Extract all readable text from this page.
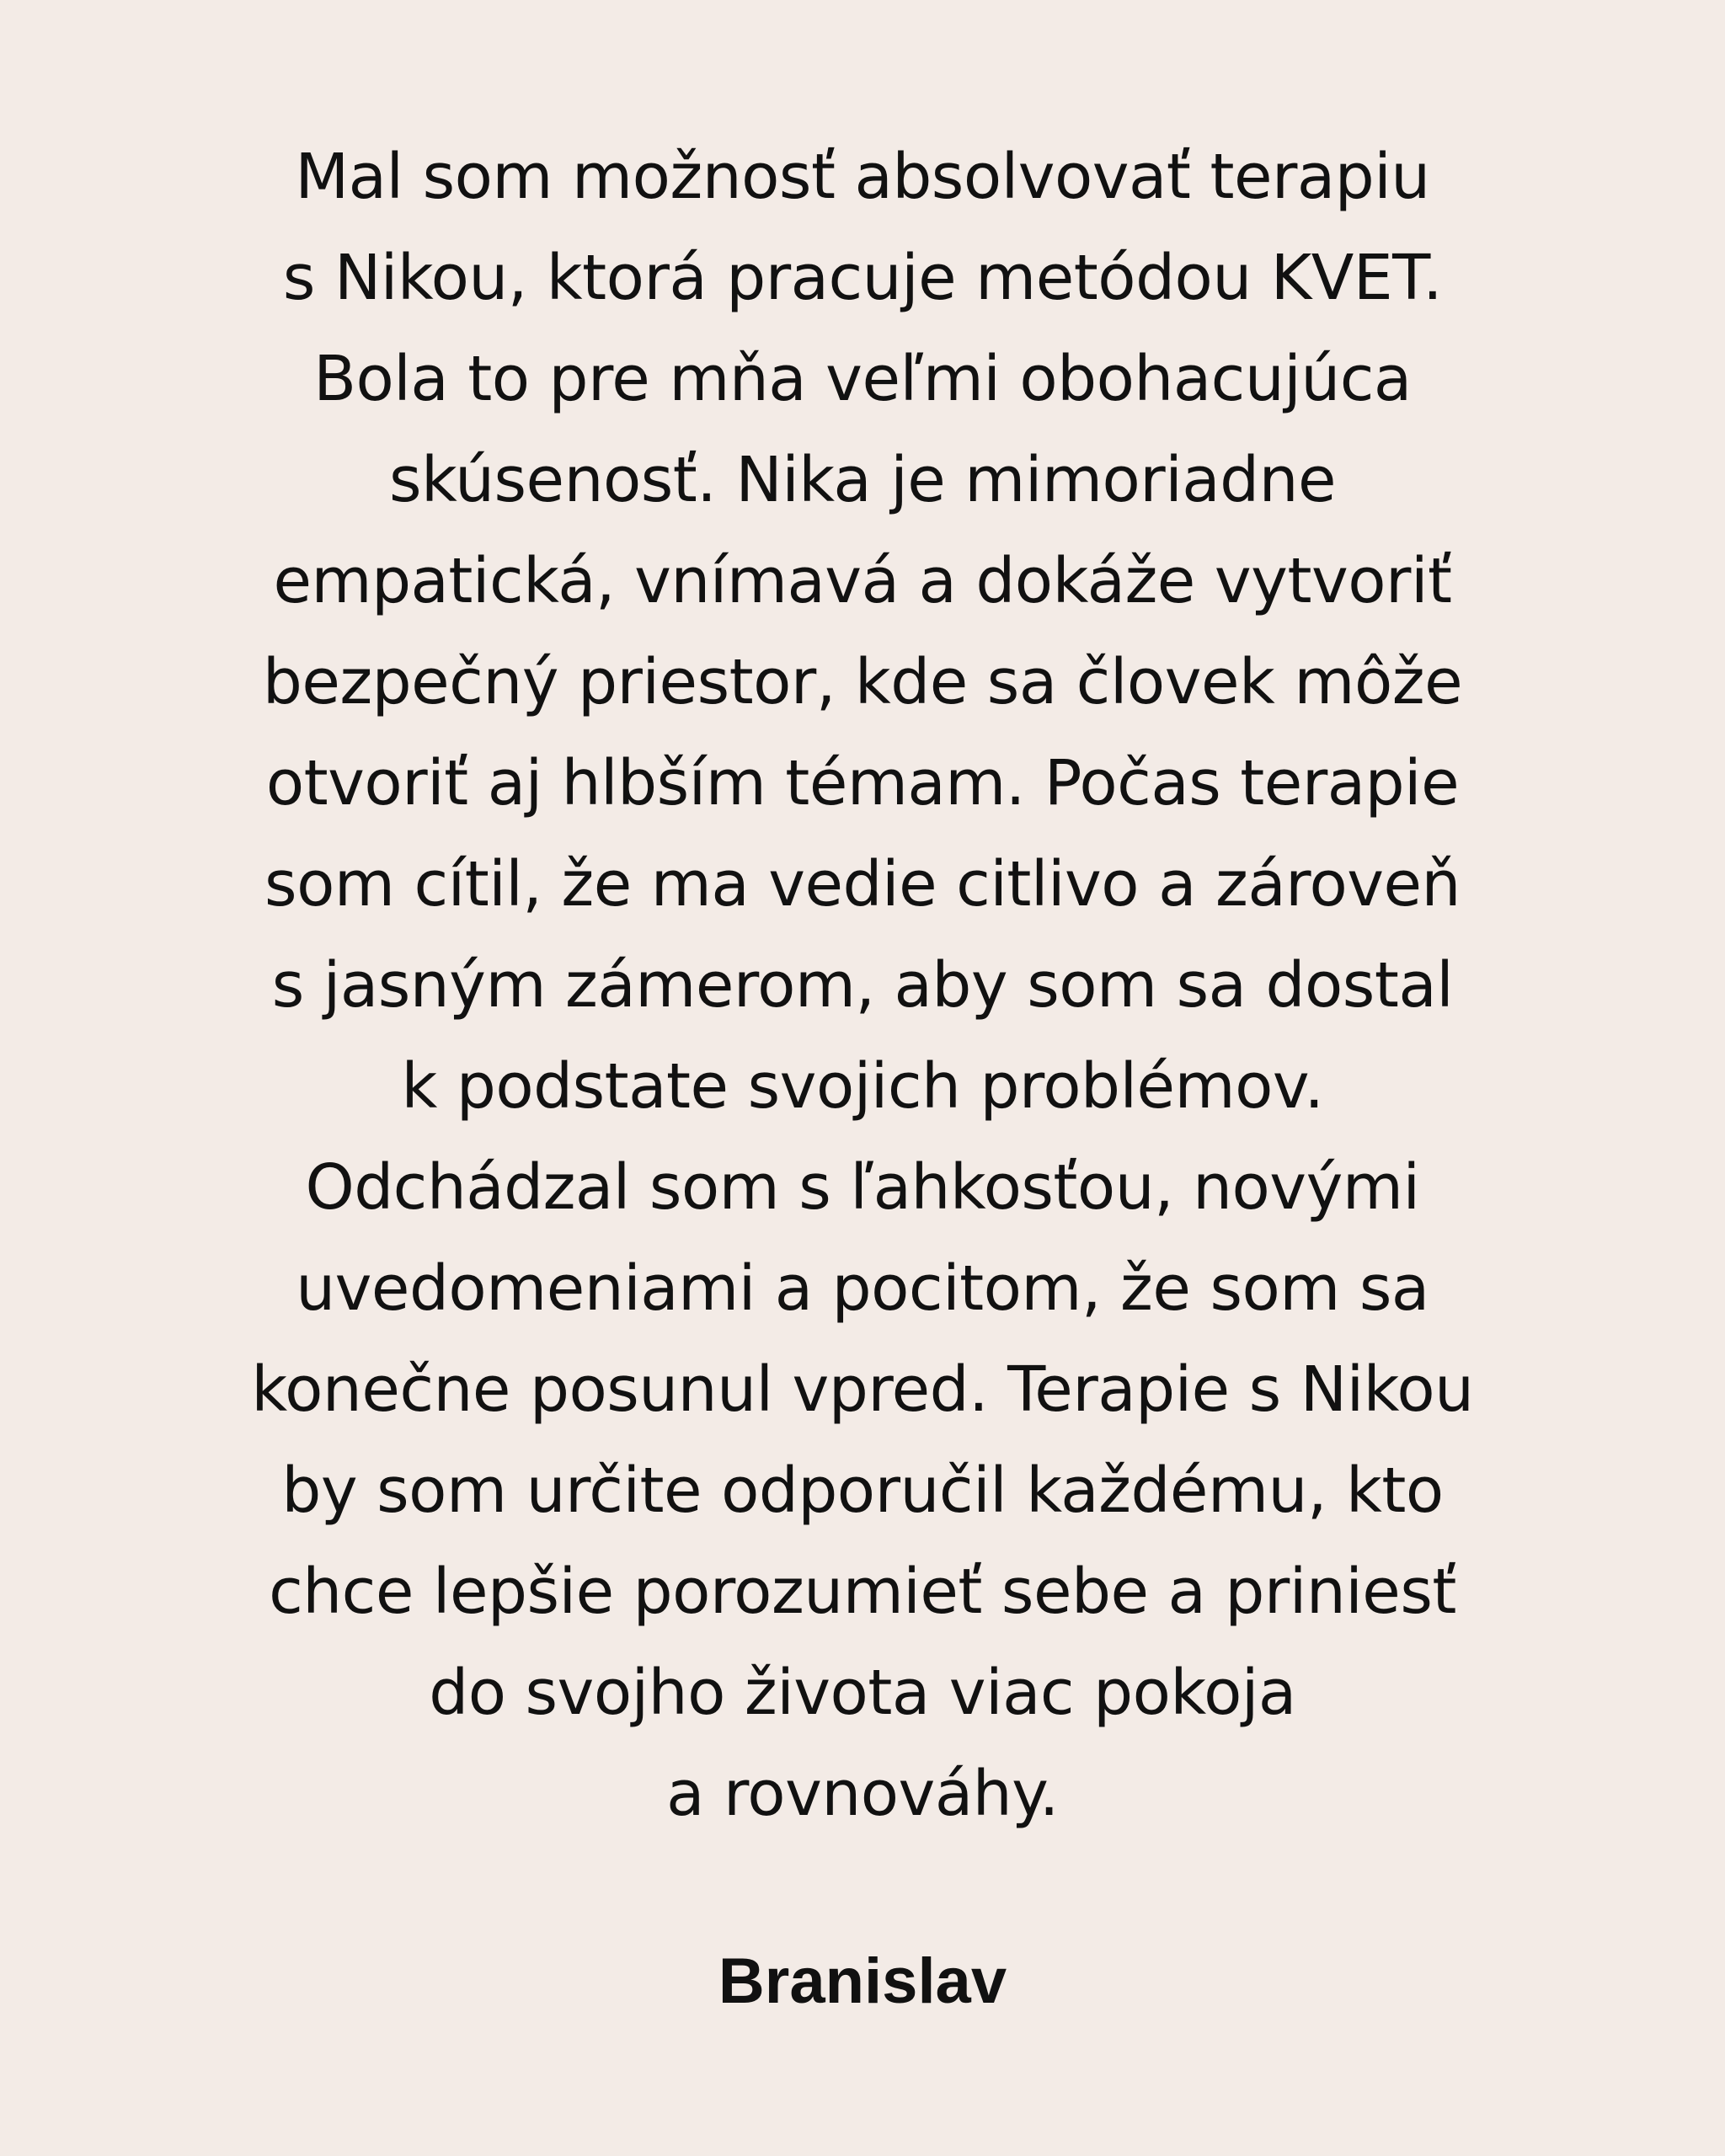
Mal som možnosť absolvovať terapiu
s Nikou, ktorá pracuje metódou KVET.
Bola to pre mňa veľmi obohacujúca
skúsenosť. Nika je mimoriadne
empatická, vnímavá a dokáže vytvoriť
bezpečný priestor, kde sa človek môže
otvoriť aj hlbším témam. Počas terapie
som cítil, že ma vedie citlivo a zároveň
s jasným zámerom, aby som sa dostal
k podstate svojich problémov.
Odchádzal som s ľahkosťou, novými
uvedomeniami a pocitom, že som sa
konečne posunul vpred. Terapie s Nikou
by som určite odporučil každému, kto
chce lepšie porozumieť sebe a priniesť
do svojho života viac pokoja
a rovnováhy.

Branislav
